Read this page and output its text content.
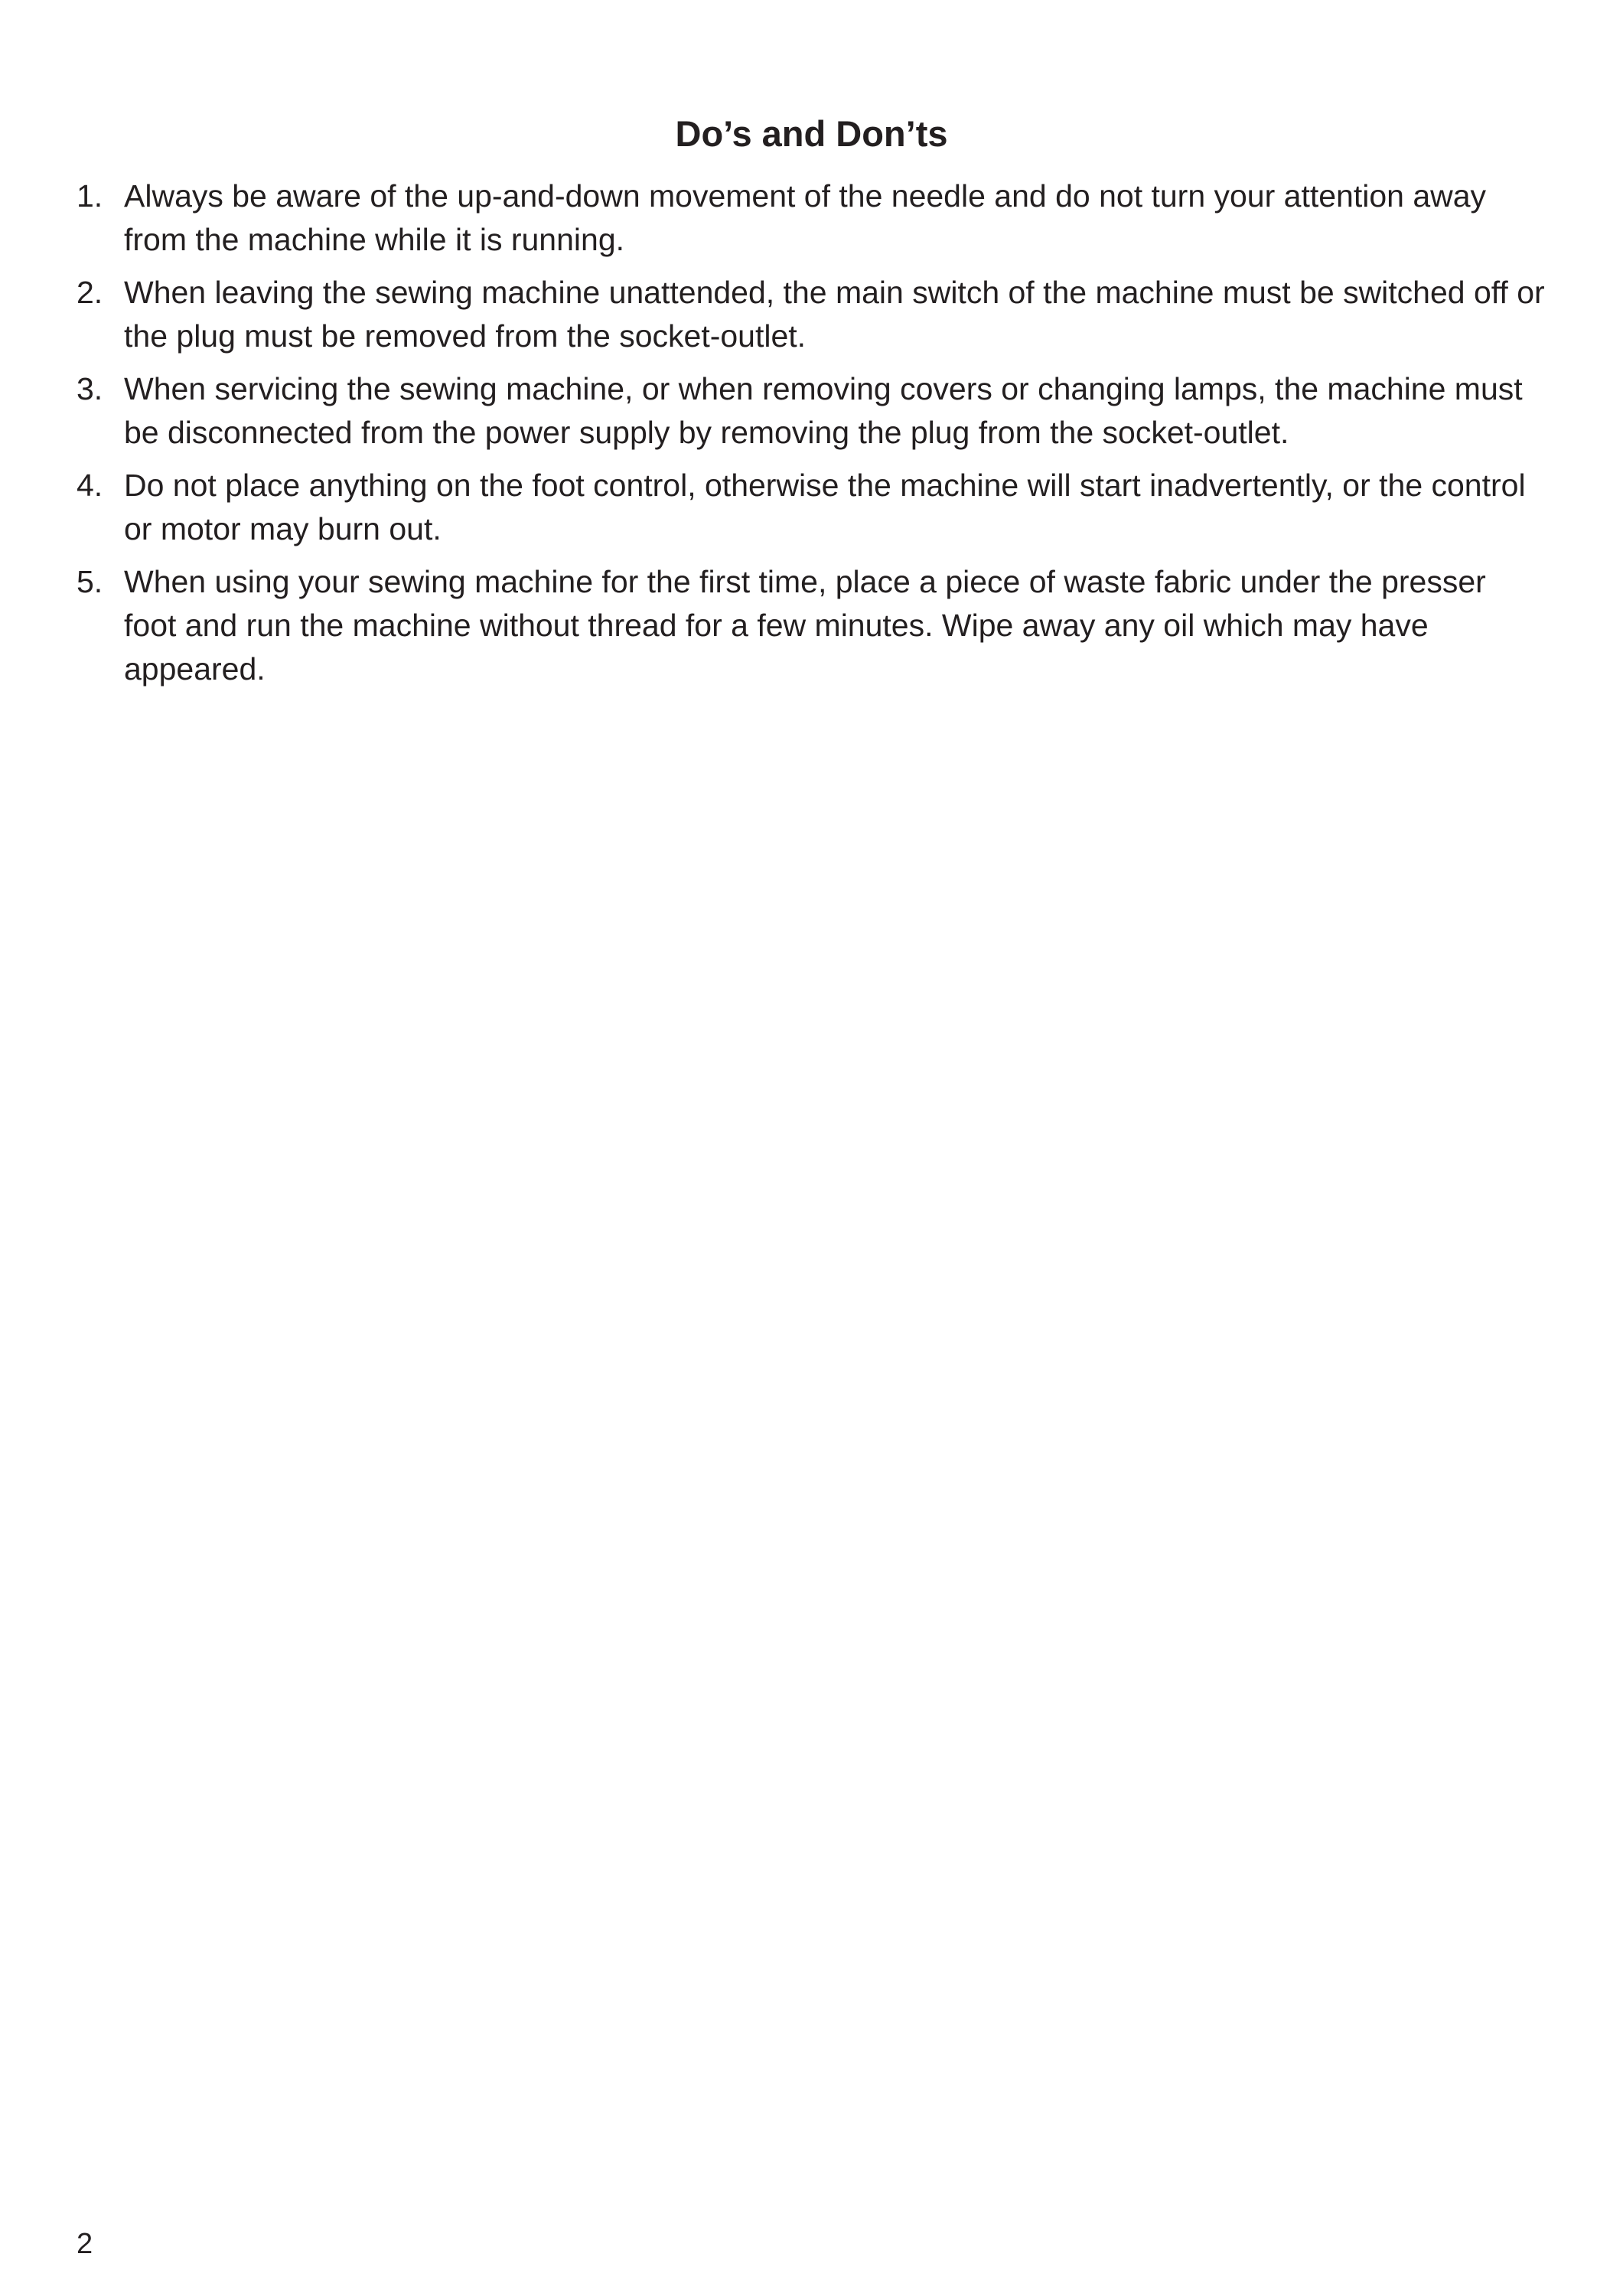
Do’s and Don’ts
1. Always be aware of the up-and-down movement of the needle and do not turn your attention away from the machine while it is running.
2. When leaving the sewing machine unattended, the main switch of the machine must be switched off or the plug must be removed from the socket-outlet.
3. When servicing the sewing machine, or when removing covers or changing lamps, the machine must be disconnected from the power supply by removing the plug from the socket-outlet.
4. Do not place anything on the foot control, otherwise the machine will start inadvertently, or the control or motor may burn out.
5. When using your sewing machine for the first time, place a piece of waste fabric under the presser foot and run the machine without thread for a few minutes. Wipe away any oil which may have appeared.
2
